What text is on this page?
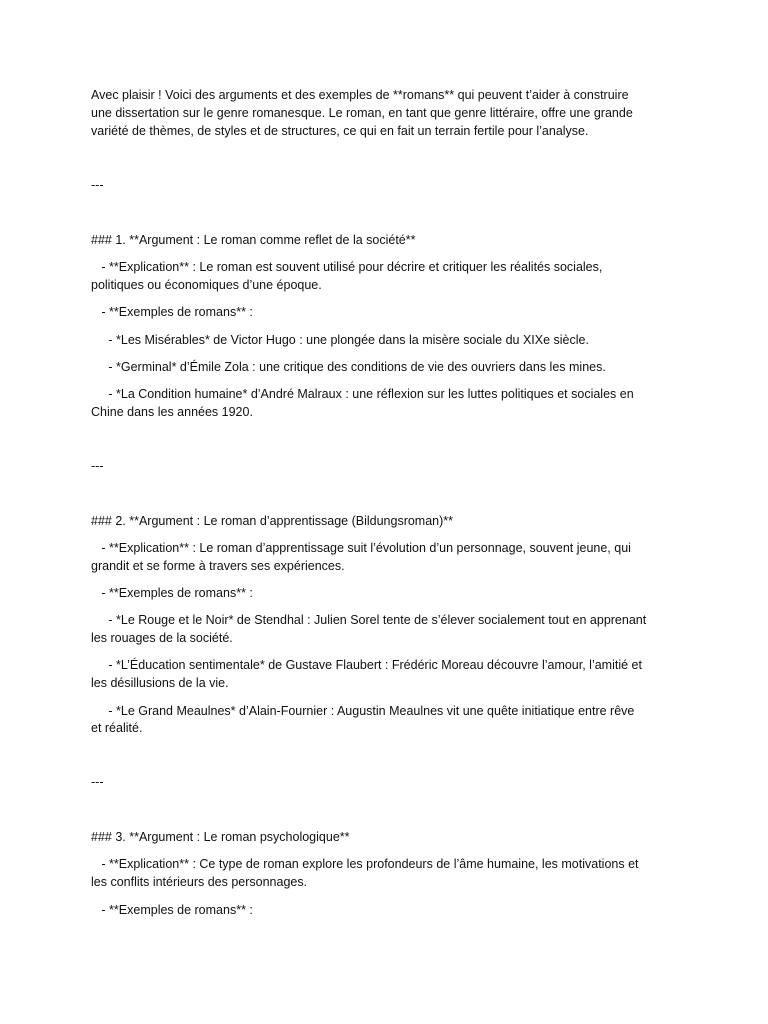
Avec plaisir ! Voici des arguments et des exemples de **romans** qui peuvent t’aider à construire

une dissertation sur le genre romanesque. Le roman, en tant que genre littéraire, offre une grande

variété de thèmes, de styles et de structures, ce qui en fait un terrain fertile pour l’analyse.

---

### 1. **Argument : Le roman comme reflet de la société**

- **Explication** : Le roman est souvent utilisé pour décrire et critiquer les réalités sociales,

politiques ou économiques d’une époque.

- **Exemples de romans** :

- *Les Misérables* de Victor Hugo : une plongée dans la misère sociale du XIXe siècle.

- *Germinal* d’Émile Zola : une critique des conditions de vie des ouvriers dans les mines.

- *La Condition humaine* d’André Malraux : une réflexion sur les luttes politiques et sociales en

Chine dans les années 1920.

---

### 2. **Argument : Le roman d’apprentissage (Bildungsroman)**

- **Explication** : Le roman d’apprentissage suit l’évolution d’un personnage, souvent jeune, qui

grandit et se forme à travers ses expériences.

- **Exemples de romans** :

- *Le Rouge et le Noir* de Stendhal : Julien Sorel tente de s’élever socialement tout en apprenant

les rouages de la société.

- *L’Éducation sentimentale* de Gustave Flaubert : Frédéric Moreau découvre l’amour, l’amitié et

les désillusions de la vie.

- *Le Grand Meaulnes* d’Alain-Fournier : Augustin Meaulnes vit une quête initiatique entre rêve

et réalité.

---

### 3. **Argument : Le roman psychologique**

- **Explication** : Ce type de roman explore les profondeurs de l’âme humaine, les motivations et

les conflits intérieurs des personnages.

- **Exemples de romans** :
